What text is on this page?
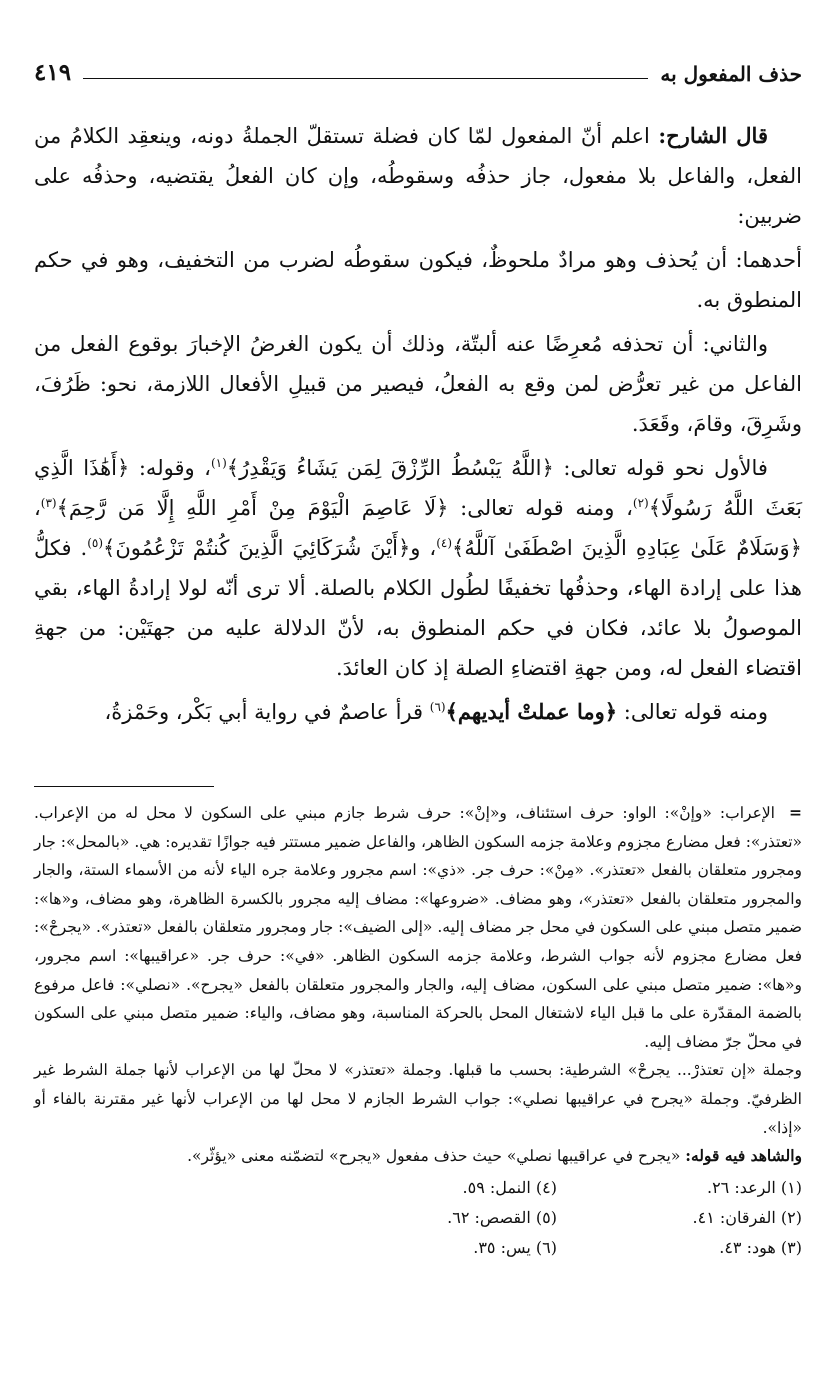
حذف المفعول به
٤١٩

قال الشارح: اعلم أنّ المفعول لمّا كان فضلة تستقلّ الجملةُ دونه، وينعقِد الكلامُ من الفعل، والفاعل بلا مفعول، جاز حذفُه وسقوطُه، وإن كان الفعلُ يقتضيه، وحذفُه على ضربين:

أحدهما: أن يُحذف وهو مرادٌ ملحوظٌ، فيكون سقوطُه لضرب من التخفيف، وهو في حكم المنطوق به.

والثاني: أن تحذفه مُعرِضًا عنه ألبتّة، وذلك أن يكون الغرضُ الإخبارَ بوقوع الفعل من الفاعل من غير تعرُّض لمن وقع به الفعلُ، فيصير من قبيلِ الأفعال اللازمة، نحو: ظَرُفَ، وشَرِقَ، وقامَ، وقَعَدَ.

فالأول نحو قوله تعالى: ﴿اللَّهُ يَبْسُطُ الرِّزْقَ لِمَن يَشَاءُ وَيَقْدِرُ﴾$^{(١)}$، وقوله: ﴿أَهَٰذَا الَّذِي بَعَثَ اللَّهُ رَسُولًا﴾$^{(٢)}$، ومنه قوله تعالى: ﴿لَا عَاصِمَ الْيَوْمَ مِنْ أَمْرِ اللَّهِ إِلَّا مَن رَّحِمَ﴾$^{(٣)}$، ﴿وَسَلَامٌ عَلَىٰ عِبَادِهِ الَّذِينَ اصْطَفَىٰ آللَّهُ﴾$^{(٤)}$، و﴿أَيْنَ شُرَكَائِيَ الَّذِينَ كُنتُمْ تَزْعُمُونَ﴾$^{(٥)}$. فكلُّ هذا على إرادة الهاء، وحذفُها تخفيفًا لطُول الكلام بالصلة. ألا ترى أنّه لولا إرادةُ الهاء، بقي الموصولُ بلا عائد، فكان في حكم المنطوق به، لأنّ الدلالة عليه من جهتَيْن: من جهةِ اقتضاء الفعل له، ومن جهةِ اقتضاءِ الصلة إذ كان العائدَ.

ومنه قوله تعالى: ﴿وما عملتْ أيديهم﴾$^{(٦)}$ قرأ عاصمٌ في رواية أبي بَكْر، وحَمْزةُ،

=الإعراب: «وإنْ»: الواو: حرف استئناف، و«إنْ»: حرف شرط جازم مبني على السكون لا محل له من الإعراب. «تعتذر»: فعل مضارع مجزوم وعلامة جزمه السكون الظاهر، والفاعل ضمير مستتر فيه جوازًا تقديره: هي. «بالمحل»: جار ومجرور متعلقان بالفعل «تعتذر». «مِنْ»: حرف جر. «ذي»: اسم مجرور وعلامة جره الياء لأنه من الأسماء الستة، والجار والمجرور متعلقان بالفعل «تعتذر»، وهو مضاف. «ضروعها»: مضاف إليه مجرور بالكسرة الظاهرة، وهو مضاف، و«ها»: ضمير متصل مبني على السكون في محل جر مضاف إليه. «إلى الضيف»: جار ومجرور متعلقان بالفعل «تعتذر». «يجرحْ»: فعل مضارع مجزوم لأنه جواب الشرط، وعلامة جزمه السكون الظاهر. «في»: حرف جر. «عراقيبها»: اسم مجرور، و«ها»: ضمير متصل مبني على السكون، مضاف إليه، والجار والمجرور متعلقان بالفعل «يجرح». «نصلي»: فاعل مرفوع بالضمة المقدّرة على ما قبل الياء لاشتغال المحل بالحركة المناسبة، وهو مضاف، والياء: ضمير متصل مبني على السكون في محلّ جرّ مضاف إليه.

وجملة «إن تعتذرْ... يجرحْ» الشرطية: بحسب ما قبلها. وجملة «تعتذر» لا محلّ لها من الإعراب لأنها جملة الشرط غير الظرفيّ. وجملة «يجرح في عراقيبها نصلي»: جواب الشرط الجازم لا محل لها من الإعراب لأنها غير مقترنة بالفاء أو «إذا».

والشاهد فيه قوله: «يجرح في عراقيبها نصلي» حيث حذف مفعول «يجرح» لتضمّنه معنى «يؤثّر».

(١) الرعد: ٢٦.
(٤) النمل: ٥٩.
(٢) الفرقان: ٤١.
(٥) القصص: ٦٢.
(٣) هود: ٤٣.
(٦) يس: ٣٥.
